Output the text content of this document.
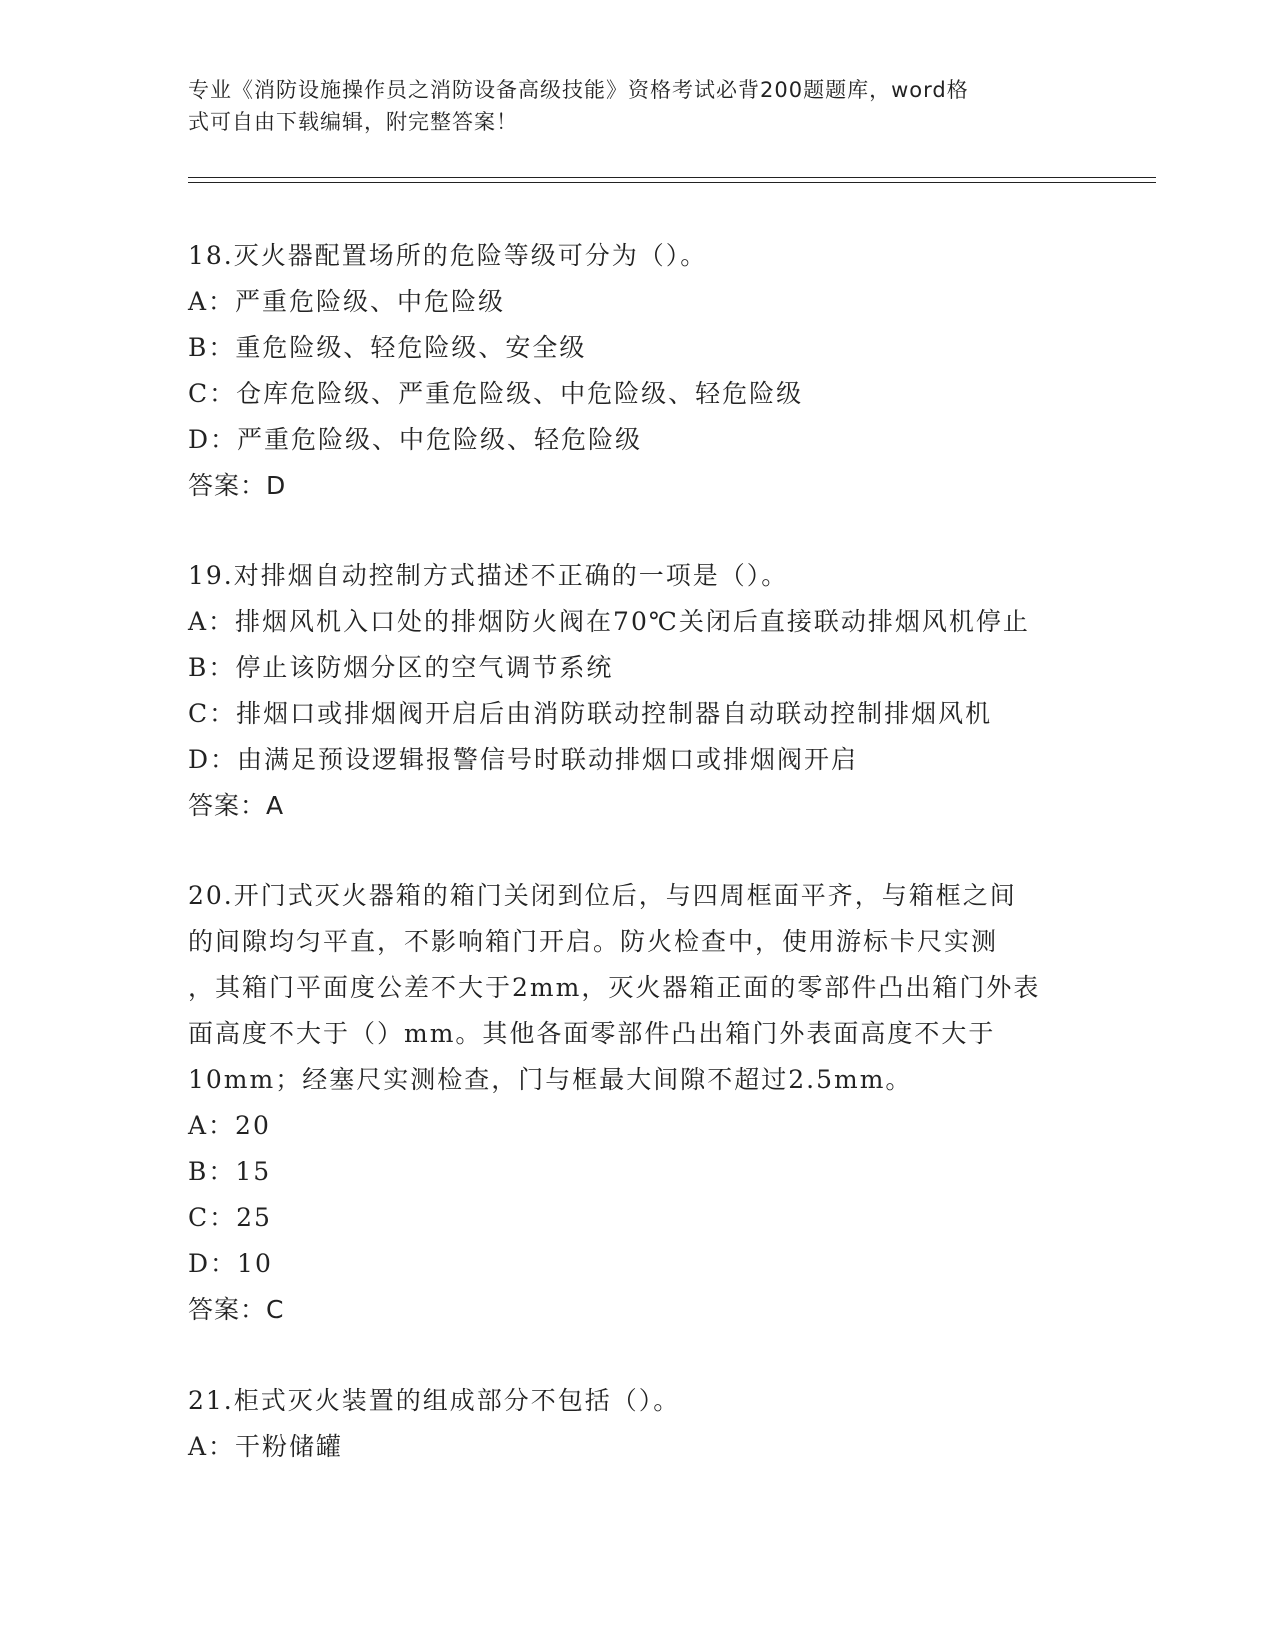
专业《消防设施操作员之消防设备高级技能》资格考试必背200题题库，word格
式可自由下载编辑，附完整答案！
18.灭火器配置场所的危险等级可分为（）。
A：严重危险级、中危险级
B：重危险级、轻危险级、安全级
C：仓库危险级、严重危险级、中危险级、轻危险级
D：严重危险级、中危险级、轻危险级
答案：D
19.对排烟自动控制方式描述不正确的一项是（）。
A：排烟风机入口处的排烟防火阀在70℃关闭后直接联动排烟风机停止
B：停止该防烟分区的空气调节系统
C：排烟口或排烟阀开启后由消防联动控制器自动联动控制排烟风机
D：由满足预设逻辑报警信号时联动排烟口或排烟阀开启
答案：A
20.开门式灭火器箱的箱门关闭到位后，与四周框面平齐，与箱框之间
的间隙均匀平直，不影响箱门开启。防火检查中，使用游标卡尺实测
，其箱门平面度公差不大于2mm，灭火器箱正面的零部件凸出箱门外表
面高度不大于（）mm。其他各面零部件凸出箱门外表面高度不大于
10mm；经塞尺实测检查，门与框最大间隙不超过2.5mm。
A：20
B：15
C：25
D：10
答案：C
21.柜式灭火装置的组成部分不包括（）。
A：干粉储罐
